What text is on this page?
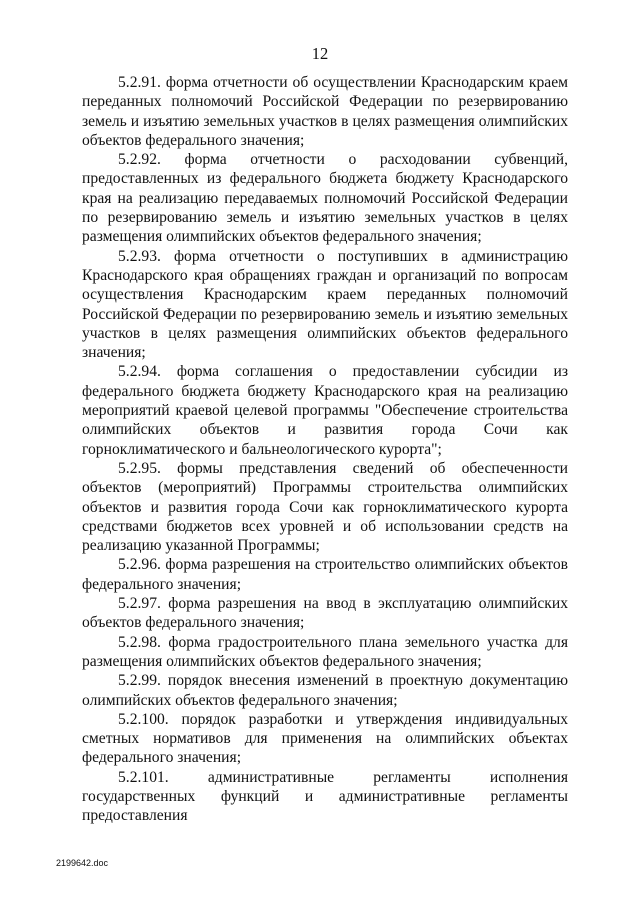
12

5.2.91. форма отчетности об осуществлении Краснодарским краем переданных полномочий Российской Федерации по резервированию земель и изъятию земельных участков в целях размещения олимпийских объектов федерального значения;

5.2.92. форма отчетности о расходовании субвенций, предоставленных из федерального бюджета бюджету Краснодарского края на реализацию передаваемых полномочий Российской Федерации по резервированию земель и изъятию земельных участков в целях размещения олимпийских объектов федерального значения;

5.2.93. форма отчетности о поступивших в администрацию Краснодарского края обращениях граждан и организаций по вопросам осуществления Краснодарским краем переданных полномочий Российской Федерации по резервированию земель и изъятию земельных участков в целях размещения олимпийских объектов федерального значения;

5.2.94. форма соглашения о предоставлении субсидии из федерального бюджета бюджету Краснодарского края на реализацию мероприятий краевой целевой программы "Обеспечение строительства олимпийских объектов и развития города Сочи как горноклиматического и бальнеологического курорта";

5.2.95. формы представления сведений об обеспеченности объектов (мероприятий) Программы строительства олимпийских объектов и развития города Сочи как горноклиматического курорта средствами бюджетов всех уровней и об использовании средств на реализацию указанной Программы;

5.2.96. форма разрешения на строительство олимпийских объектов федерального значения;

5.2.97. форма разрешения на ввод в эксплуатацию олимпийских объектов федерального значения;

5.2.98. форма градостроительного плана земельного участка для размещения олимпийских объектов федерального значения;

5.2.99. порядок внесения изменений в проектную документацию олимпийских объектов федерального значения;

5.2.100. порядок разработки и утверждения индивидуальных сметных нормативов для применения на олимпийских объектах федерального значения;

5.2.101. административные регламенты исполнения государственных функций и административные регламенты предоставления

2199642.doc
